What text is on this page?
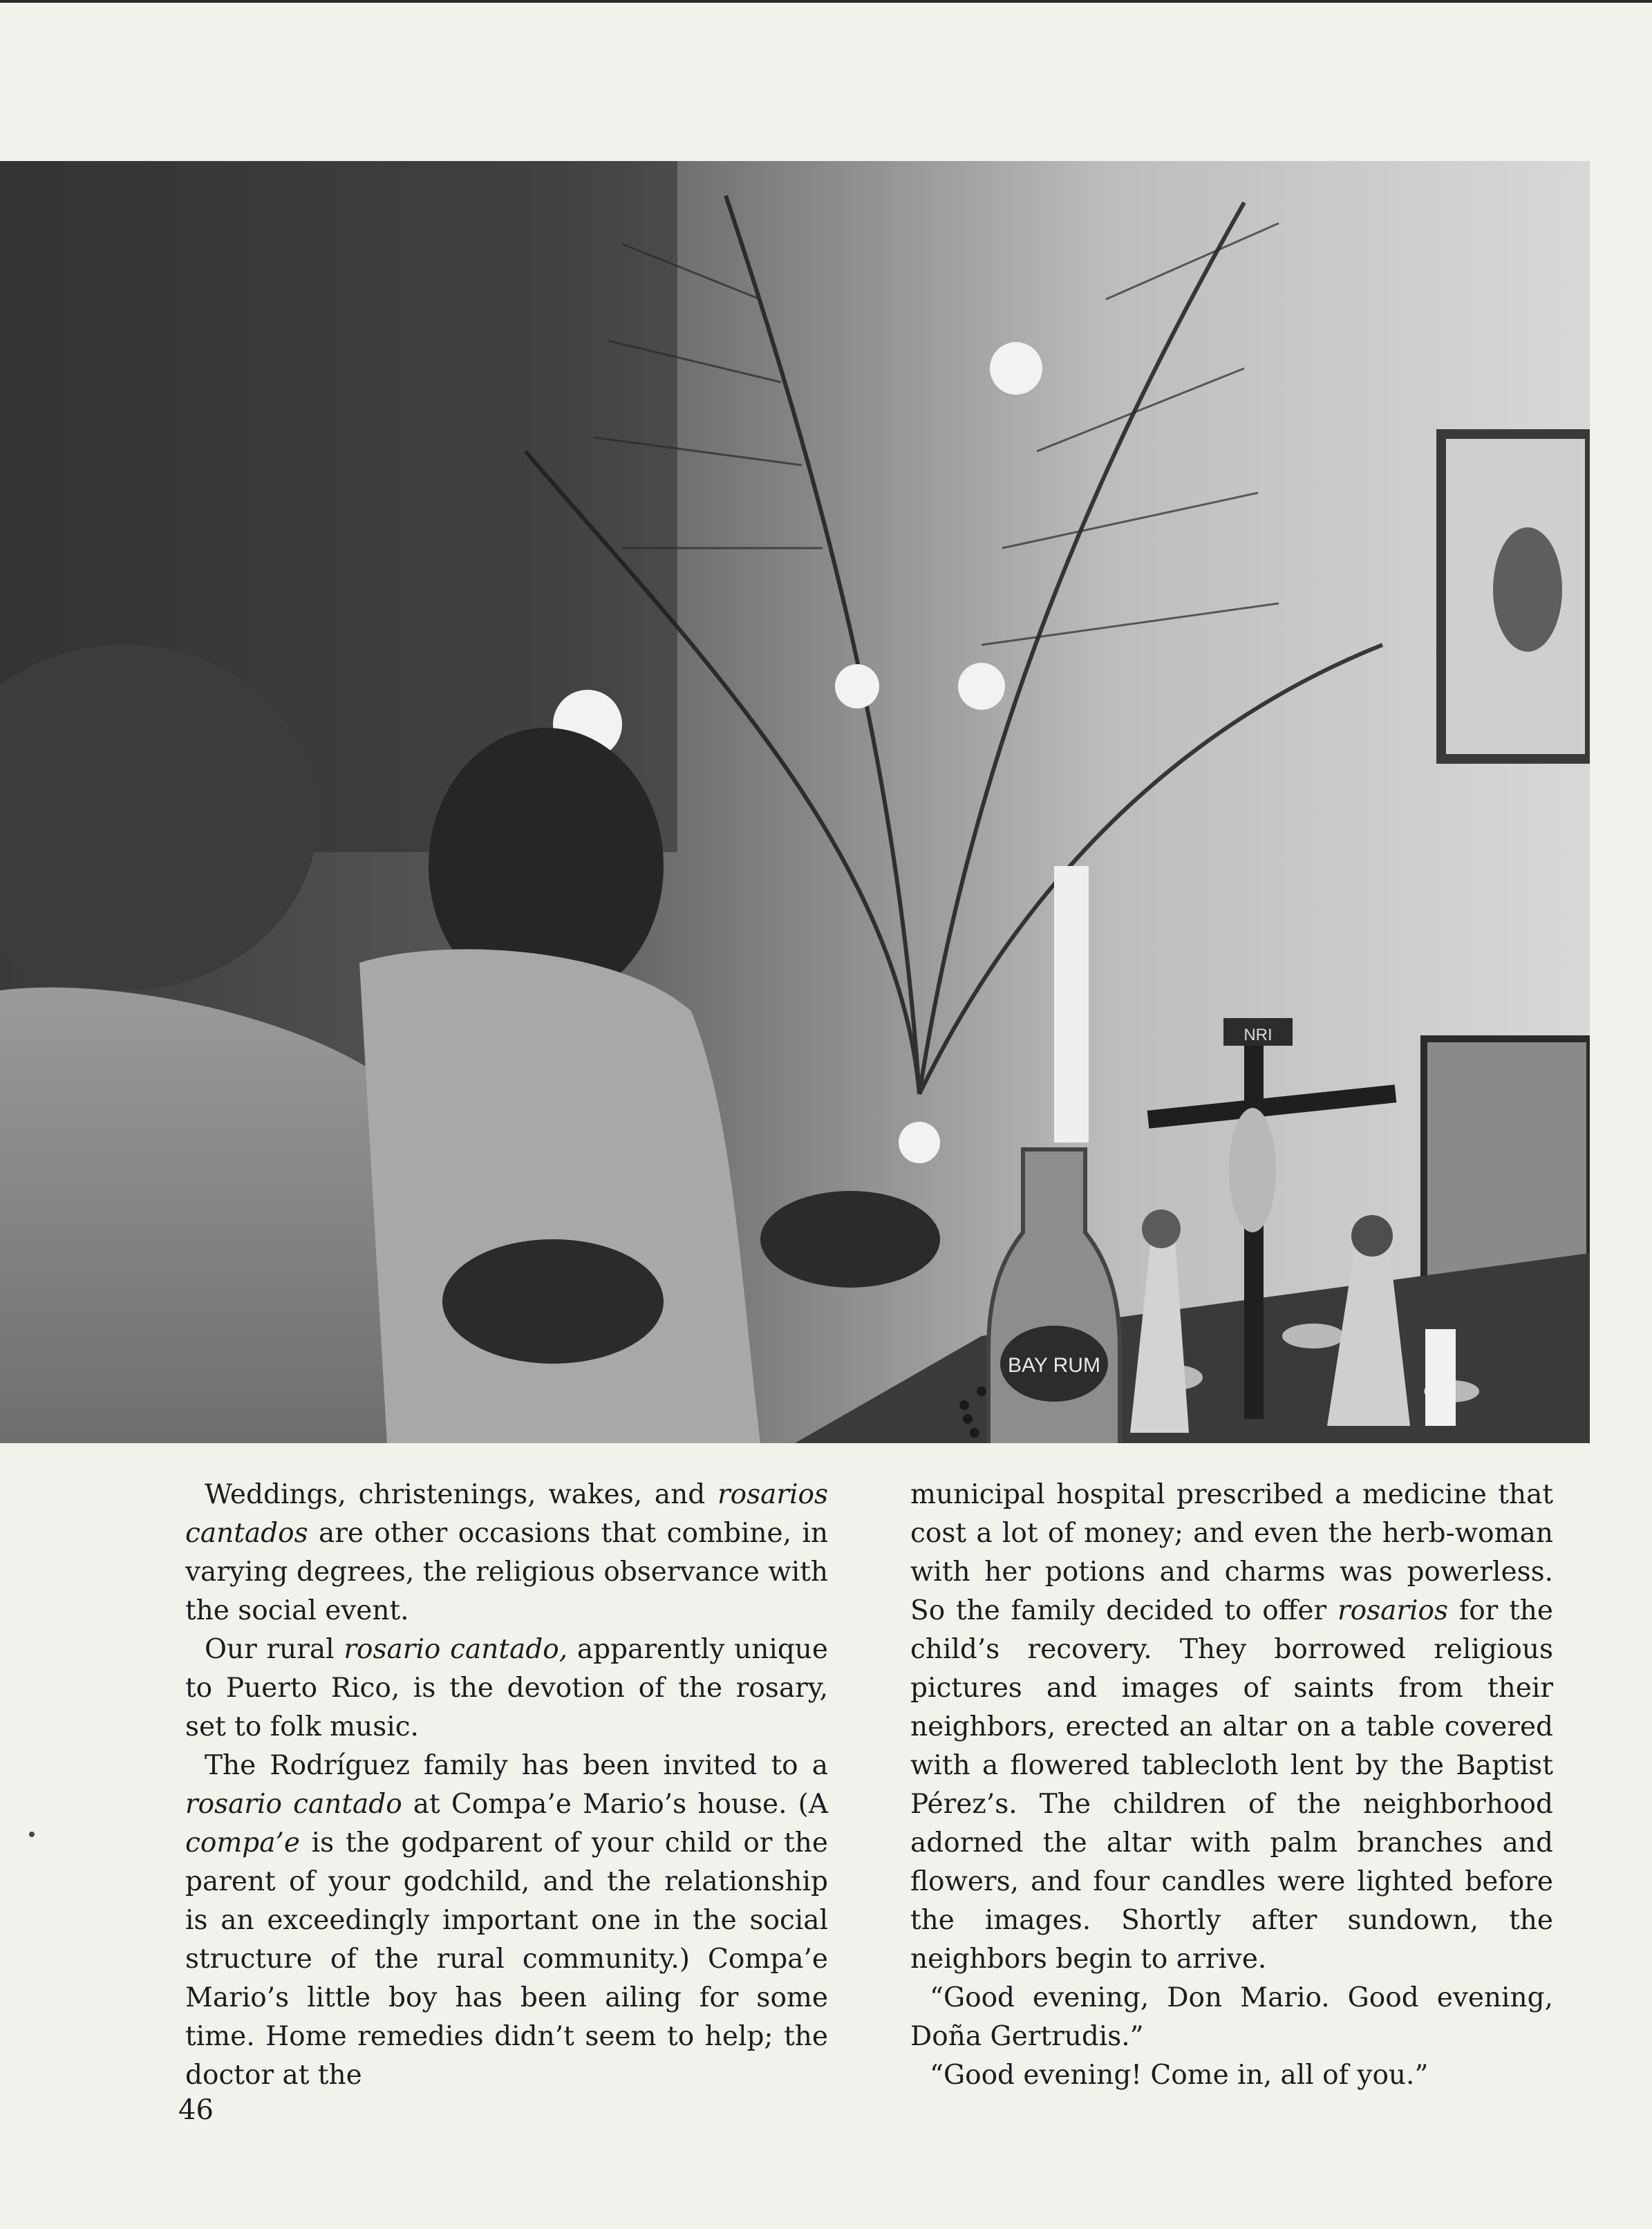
BAY RUM
NRI

Weddings, christenings, wakes, and rosarios cantados are other occasions that combine, in varying degrees, the religious observance with the social event.

Our rural rosario cantado, apparently unique to Puerto Rico, is the devotion of the rosary, set to folk music.

The Rodríguez family has been invited to a rosario cantado at Compa’e Mario’s house. (A compa’e is the godparent of your child or the parent of your godchild, and the relationship is an exceedingly important one in the social structure of the rural community.) Compa’e Mario’s little boy has been ailing for some time. Home remedies didn’t seem to help; the doctor at the

municipal hospital prescribed a medicine that cost a lot of money; and even the herb-woman with her potions and charms was powerless. So the family decided to offer rosarios for the child’s recovery. They borrowed religious pictures and images of saints from their neighbors, erected an altar on a table covered with a flowered tablecloth lent by the Baptist Pérez’s. The children of the neighborhood adorned the altar with palm branches and flowers, and four candles were lighted before the images. Shortly after sundown, the neighbors begin to arrive.

“Good evening, Don Mario. Good evening, Doña Gertrudis.”

“Good evening! Come in, all of you.”

46
